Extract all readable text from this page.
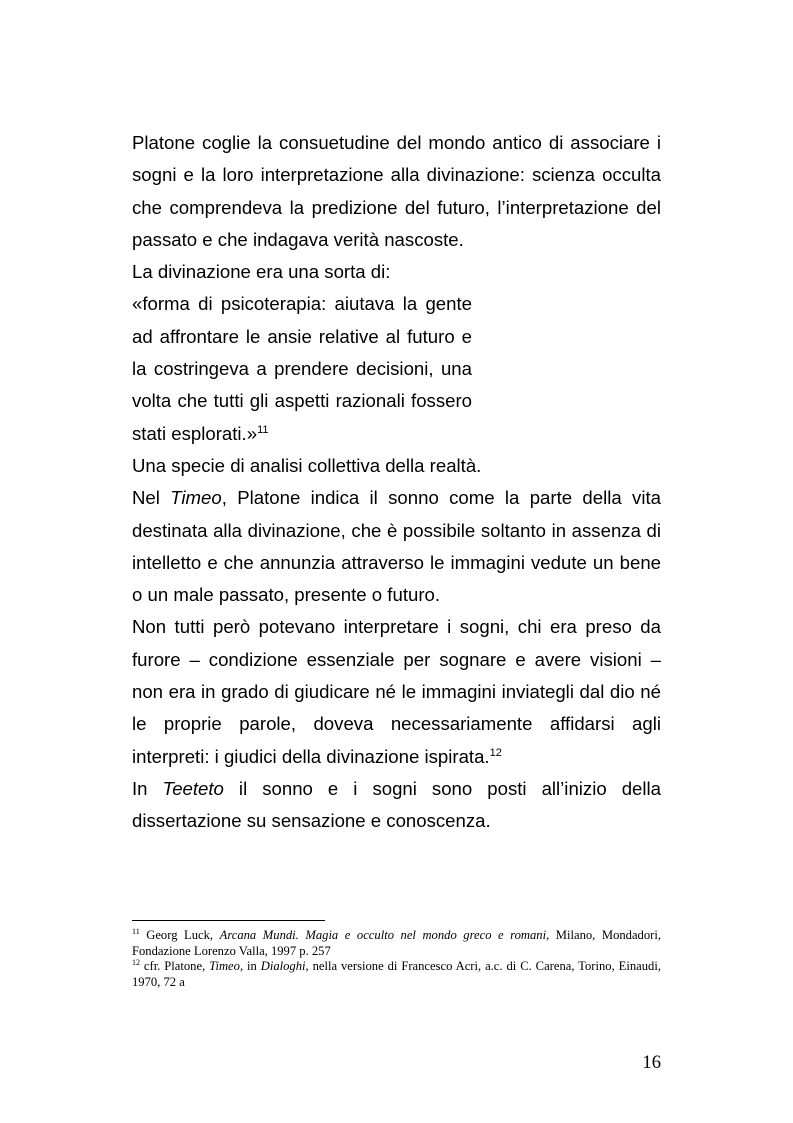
Platone coglie la consuetudine del mondo antico di associare i sogni e la loro interpretazione alla divinazione: scienza occulta che comprendeva la predizione del futuro, l’interpretazione del passato e che indagava verità nascoste.

La divinazione era una sorta di:

«forma di psicoterapia: aiutava la gente ad affrontare le ansie relative al futuro e la costringeva a prendere decisioni, una volta che tutti gli aspetti razionali fossero stati esplorati.»$^{11}$

Una specie di analisi collettiva della realtà.

Nel Timeo, Platone indica il sonno come la parte della vita destinata alla divinazione, che è possibile soltanto in assenza di intelletto e che annunzia attraverso le immagini vedute un bene o un male passato, presente o futuro.

Non tutti però potevano interpretare i sogni, chi era preso da furore – condizione essenziale per sognare e avere visioni – non era in grado di giudicare né le immagini inviategli dal dio né le proprie parole, doveva necessariamente affidarsi agli interpreti: i giudici della divinazione ispirata.$^{12}$

In Teeteto il sonno e i sogni sono posti all’inizio della dissertazione su sensazione e conoscenza.

$^{11}$ Georg Luck, Arcana Mundi. Magia e occulto nel mondo greco e romani, Milano, Mondadori, Fondazione Lorenzo Valla, 1997 p. 257

$^{12}$ cfr. Platone, Timeo, in Dialoghi, nella versione di Francesco Acri, a.c. di C. Carena, Torino, Einaudi, 1970, 72 a

16
